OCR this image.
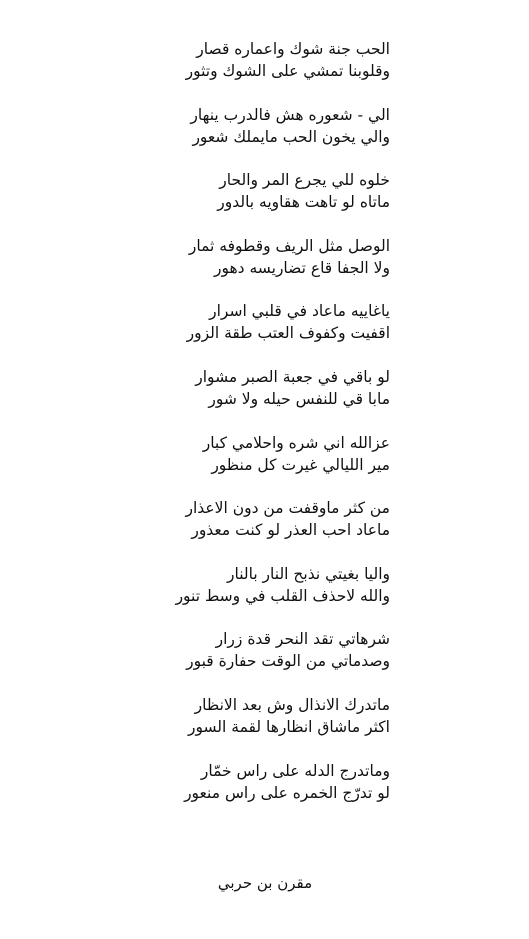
الحب جنة شوك واعماره قصار
وقلوبنا تمشي على الشوك وتثور
الي - شعوره هش فالدرب ينهار
والي يخون الحب مايملك شعور
خلوه للي يجرع المر والحار
ماتاه لو تاهت هقاويه بالدور
الوصل مثل الريف وقطوفه ثمار
ولا الجفا قاع تضاريسه دهور
ياغاييه ماعاد في قلبي اسرار
اقفيت وكفوف العتب طقة الزور
لو باقي في جعبة الصبر مشوار
مابا قي للنفس حيله ولا شور
عزالله اني شره واحلامي كبار
مير الليالي غيرت كل منظور
من كثر ماوقفت من دون الاعذار
ماعاد احب العذر لو كنت معذور
واليا بغيتي نذبح النار بالنار
والله لاحذف القلب في وسط تنور
شرهاتي تقد النحر قدة زرار
وصدماتي من الوقت حفارة قبور
ماتدرك الانذال وش بعد الانظار
اكثر ماشاق انظارها لقمة السور
وماتدرج الدله على راس خمّار
لو تدرّج الخمره على راس منعور
مقرن بن حربي
